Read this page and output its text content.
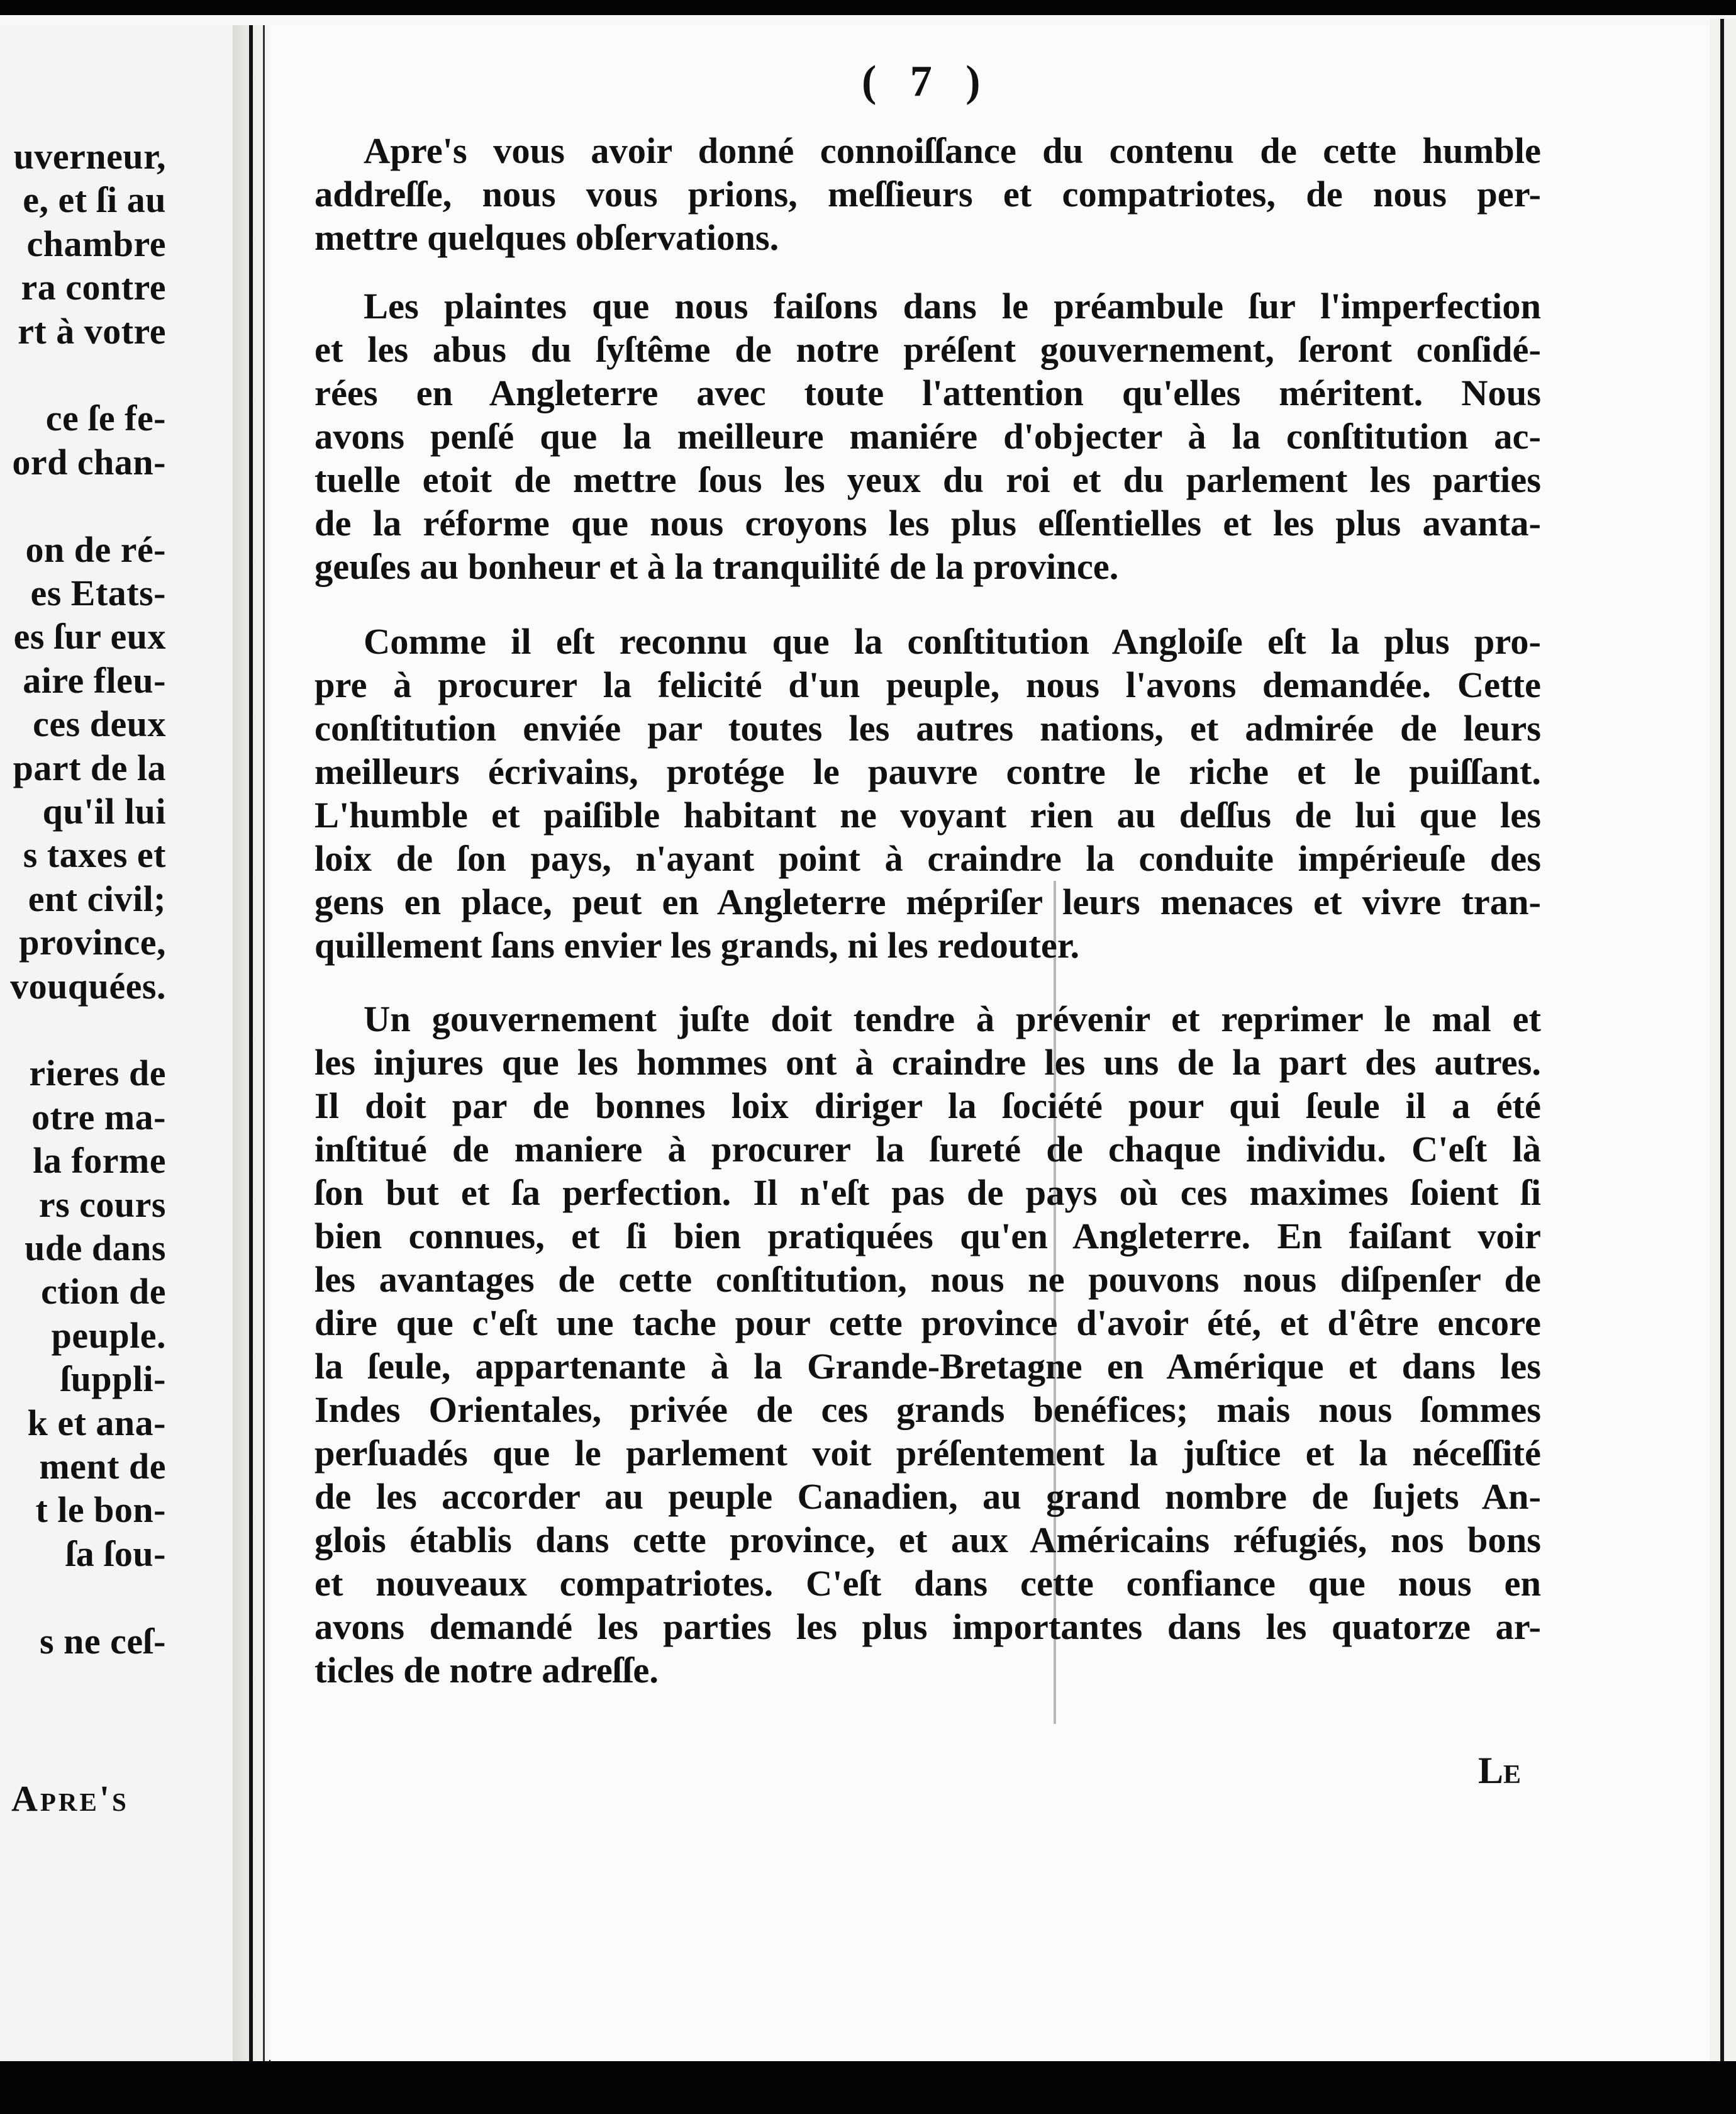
uverneur,
e, et ſi au
chambre
ra contre
rt à votre
ce ſe fe-
ord chan-
on de ré-
es Etats-
es ſur eux
aire fleu-
ces deux
part de la
qu'il lui
s taxes et
ent civil;
province,
vouquées.
rieres de
otre ma-
la forme
rs cours
ude dans
ction de
peuple.
ſuppli-
k et ana-
ment de
t le bon-
ſa ſou-
s ne ceſ-
Apre's
( 7 )
Apre's vous avoir donné connoiſſance du contenu de cette humble
addreſſe, nous vous prions, meſſieurs et compatriotes, de nous per-
mettre quelques obſervations.
Les plaintes que nous faiſons dans le préambule ſur l'imperfection
et les abus du ſyſtême de notre préſent gouvernement, ſeront conſidé-
rées en Angleterre avec toute l'attention qu'elles méritent. Nous
avons penſé que la meilleure maniére d'objecter à la conſtitution ac-
tuelle etoit de mettre ſous les yeux du roi et du parlement les parties
de la réforme que nous croyons les plus eſſentielles et les plus avanta-
geuſes au bonheur et à la tranquilité de la province.
Comme il eſt reconnu que la conſtitution Angloiſe eſt la plus pro-
pre à procurer la felicité d'un peuple, nous l'avons demandée. Cette
conſtitution enviée par toutes les autres nations, et admirée de leurs
meilleurs écrivains, protége le pauvre contre le riche et le puiſſant.
L'humble et paiſible habitant ne voyant rien au deſſus de lui que les
loix de ſon pays, n'ayant point à craindre la conduite impérieuſe des
gens en place, peut en Angleterre mépriſer leurs menaces et vivre tran-
quillement ſans envier les grands, ni les redouter.
Un gouvernement juſte doit tendre à prévenir et reprimer le mal et
les injures que les hommes ont à craindre les uns de la part des autres.
Il doit par de bonnes loix diriger la ſociété pour qui ſeule il a été
inſtitué de maniere à procurer la ſureté de chaque individu. C'eſt là
ſon but et ſa perfection. Il n'eſt pas de pays où ces maximes ſoient ſi
bien connues, et ſi bien pratiquées qu'en Angleterre. En faiſant voir
les avantages de cette conſtitution, nous ne pouvons nous diſpenſer de
dire que c'eſt une tache pour cette province d'avoir été, et d'être encore
la ſeule, appartenante à la Grande-Bretagne en Amérique et dans les
Indes Orientales, privée de ces grands benéfices; mais nous ſommes
perſuadés que le parlement voit préſentement la juſtice et la néceſſité
de les accorder au peuple Canadien, au grand nombre de ſujets An-
glois établis dans cette province, et aux Américains réfugiés, nos bons
et nouveaux compatriotes. C'eſt dans cette confiance que nous en
avons demandé les parties les plus importantes dans les quatorze ar-
ticles de notre adreſſe.
Le
